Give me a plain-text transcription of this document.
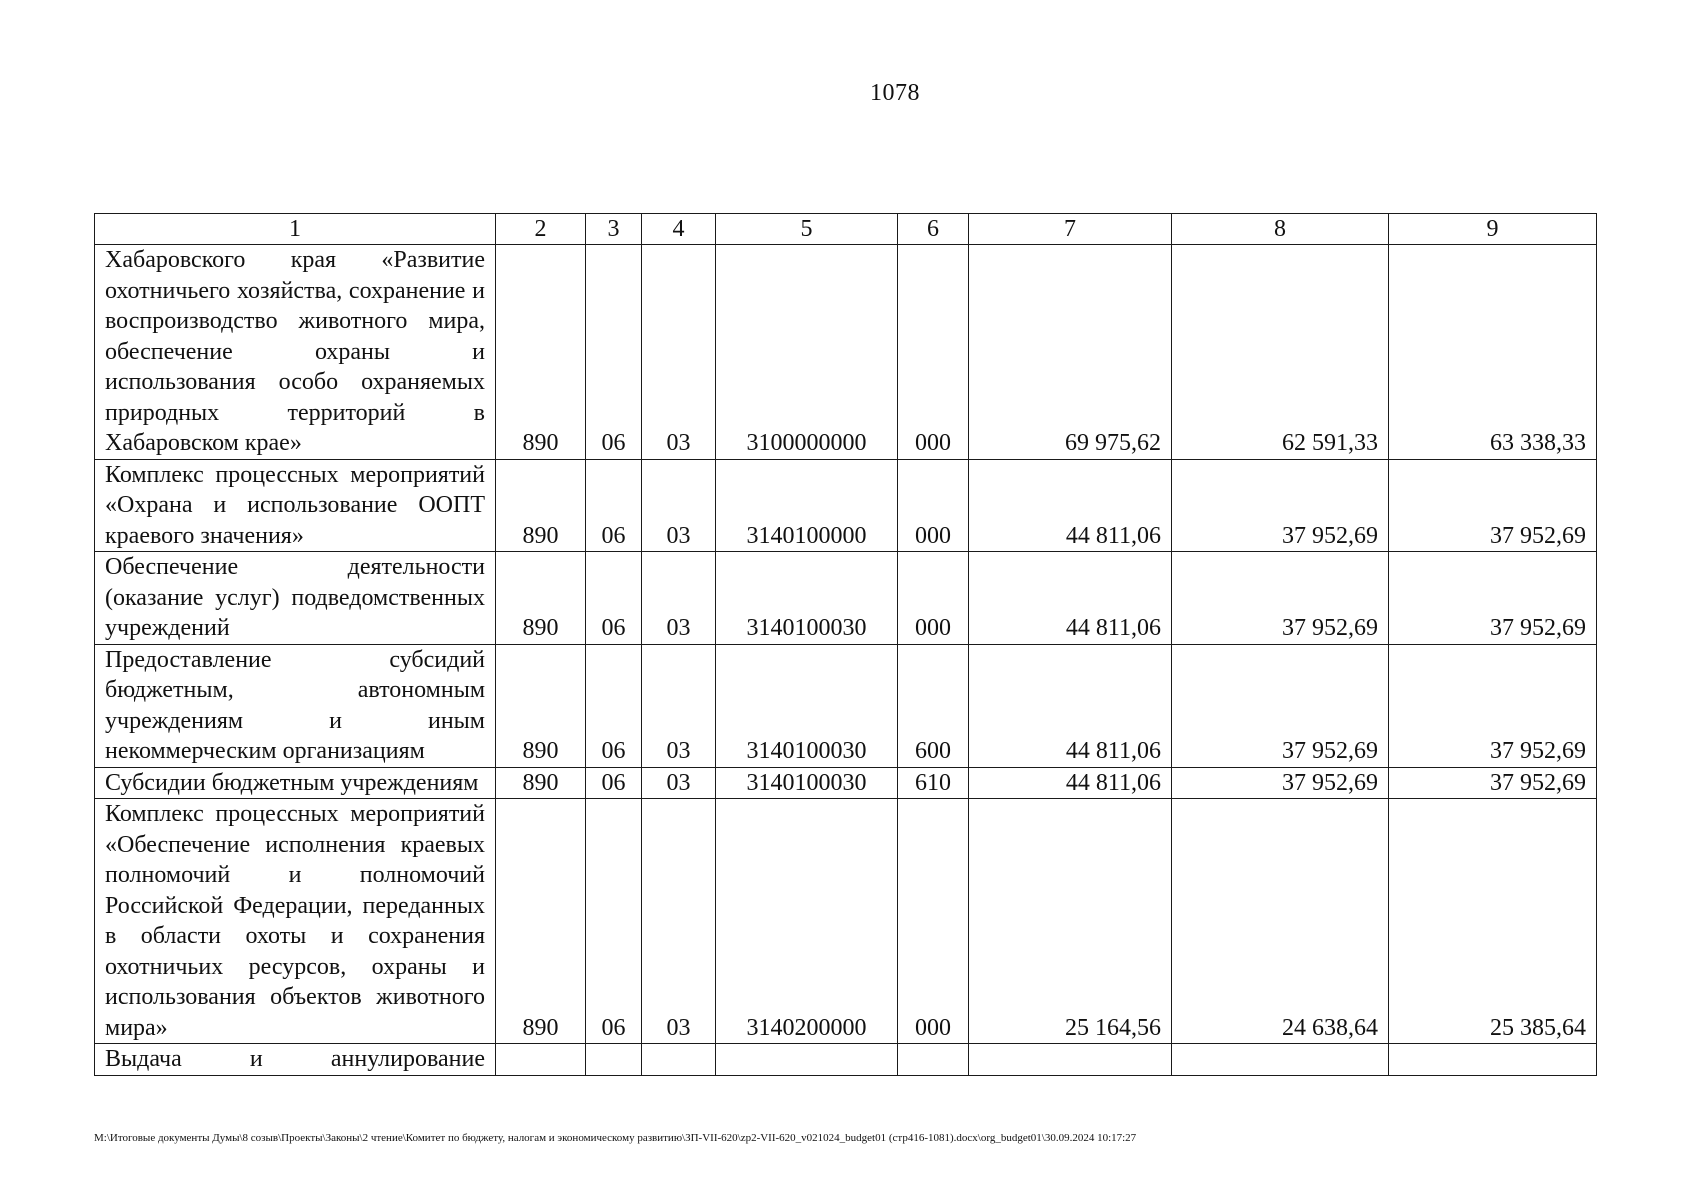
1078
1	2	3	4	5	6	7	8	9
Хабаровского края «Развитие охотничьего хозяйства, сохранение и воспроизводство животного мира, обеспечение охраны и использования особо охраняемых природных территорий в Хабаровском крае»	890	06	03	3100000000	000	69 975,62	62 591,33	63 338,33
Комплекс процессных мероприятий «Охрана и использование ООПТ краевого значения»	890	06	03	3140100000	000	44 811,06	37 952,69	37 952,69
Обеспечение деятельности (оказание услуг) подведомственных учреждений	890	06	03	3140100030	000	44 811,06	37 952,69	37 952,69
Предоставление субсидий бюджетным, автономным учреждениям и иным некоммерческим организациям	890	06	03	3140100030	600	44 811,06	37 952,69	37 952,69
Субсидии бюджетным учреждениям	890	06	03	3140100030	610	44 811,06	37 952,69	37 952,69
Комплекс процессных мероприятий «Обеспечение исполнения краевых полномочий и полномочий Российской Федерации, переданных в области охоты и сохранения охотничьих ресурсов, охраны и использования объектов животного мира»	890	06	03	3140200000	000	25 164,56	24 638,64	25 385,64
Выдача и аннулирование								
M:\Итоговые документы Думы\8 созыв\Проекты\Законы\2 чтение\Комитет по бюджету, налогам и экономическому развитию\ЗП-VII-620\zp2-VII-620_v021024_budget01 (стр416-1081).docx\org_budget01\30.09.2024 10:17:27
